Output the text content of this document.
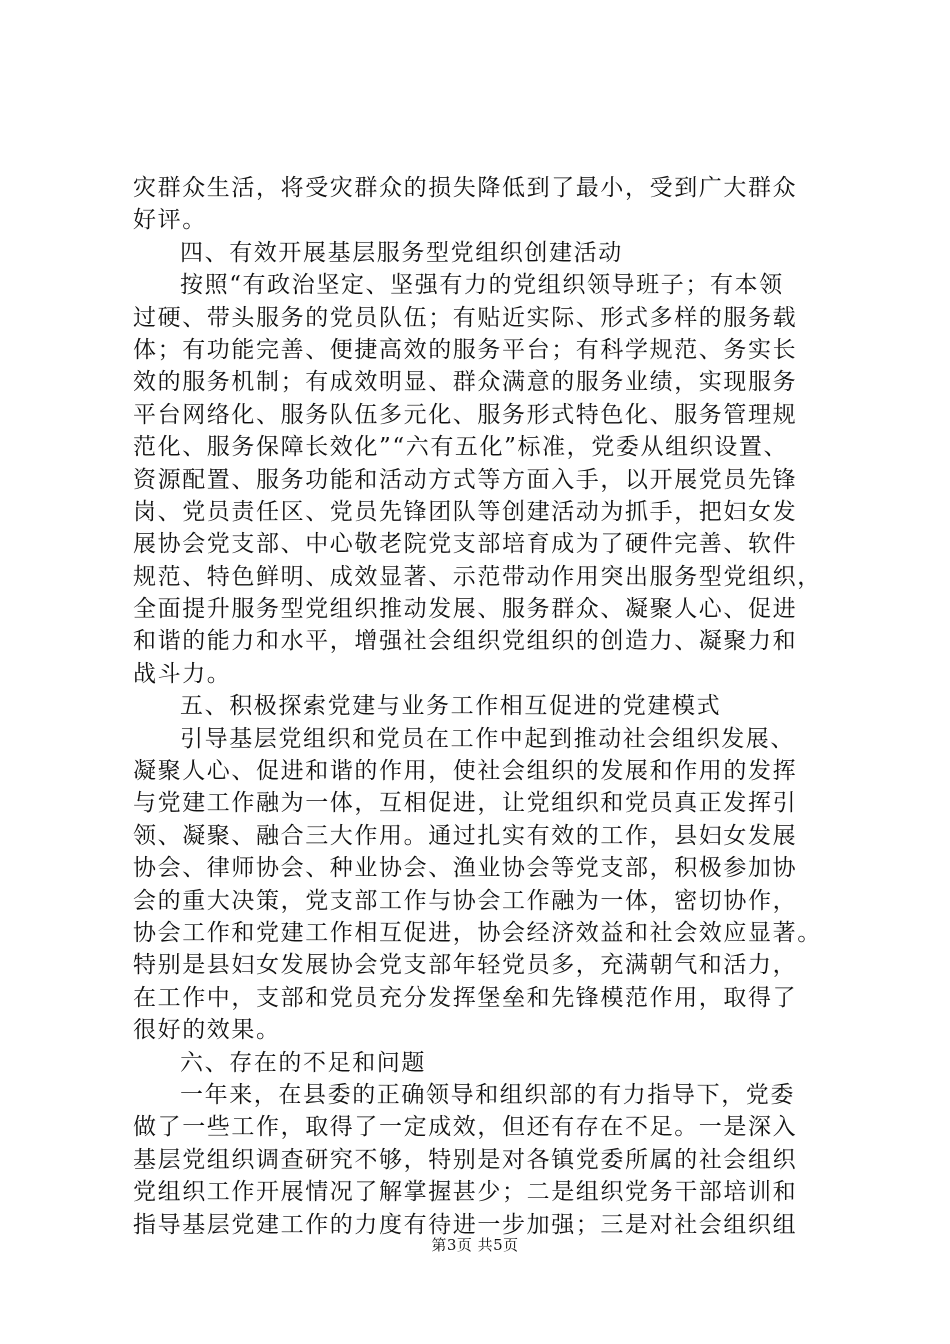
灾群众生活，将受灾群众的损失降低到了最小，受到广大群众
好评。
四、有效开展基层服务型党组织创建活动
按照“有政治坚定、坚强有力的党组织领导班子；有本领
过硬、带头服务的党员队伍；有贴近实际、形式多样的服务载
体；有功能完善、便捷高效的服务平台；有科学规范、务实长
效的服务机制；有成效明显、群众满意的服务业绩，实现服务
平台网络化、服务队伍多元化、服务形式特色化、服务管理规
范化、服务保障长效化”“六有五化”标准，党委从组织设置、
资源配置、服务功能和活动方式等方面入手，以开展党员先锋
岗、党员责任区、党员先锋团队等创建活动为抓手，把妇女发
展协会党支部、中心敬老院党支部培育成为了硬件完善、软件
规范、特色鲜明、成效显著、示范带动作用突出服务型党组织，
全面提升服务型党组织推动发展、服务群众、凝聚人心、促进
和谐的能力和水平，增强社会组织党组织的创造力、凝聚力和
战斗力。
五、积极探索党建与业务工作相互促进的党建模式
引导基层党组织和党员在工作中起到推动社会组织发展、
凝聚人心、促进和谐的作用，使社会组织的发展和作用的发挥
与党建工作融为一体，互相促进，让党组织和党员真正发挥引
领、凝聚、融合三大作用。通过扎实有效的工作，县妇女发展
协会、律师协会、种业协会、渔业协会等党支部，积极参加协
会的重大决策，党支部工作与协会工作融为一体，密切协作，
协会工作和党建工作相互促进，协会经济效益和社会效应显著。
特别是县妇女发展协会党支部年轻党员多，充满朝气和活力，
在工作中，支部和党员充分发挥堡垒和先锋模范作用，取得了
很好的效果。
六、存在的不足和问题
一年来，在县委的正确领导和组织部的有力指导下，党委
做了一些工作，取得了一定成效，但还有存在不足。一是深入
基层党组织调查研究不够，特别是对各镇党委所属的社会组织
党组织工作开展情况了解掌握甚少；二是组织党务干部培训和
指导基层党建工作的力度有待进一步加强；三是对社会组织组
第3页 共5页
